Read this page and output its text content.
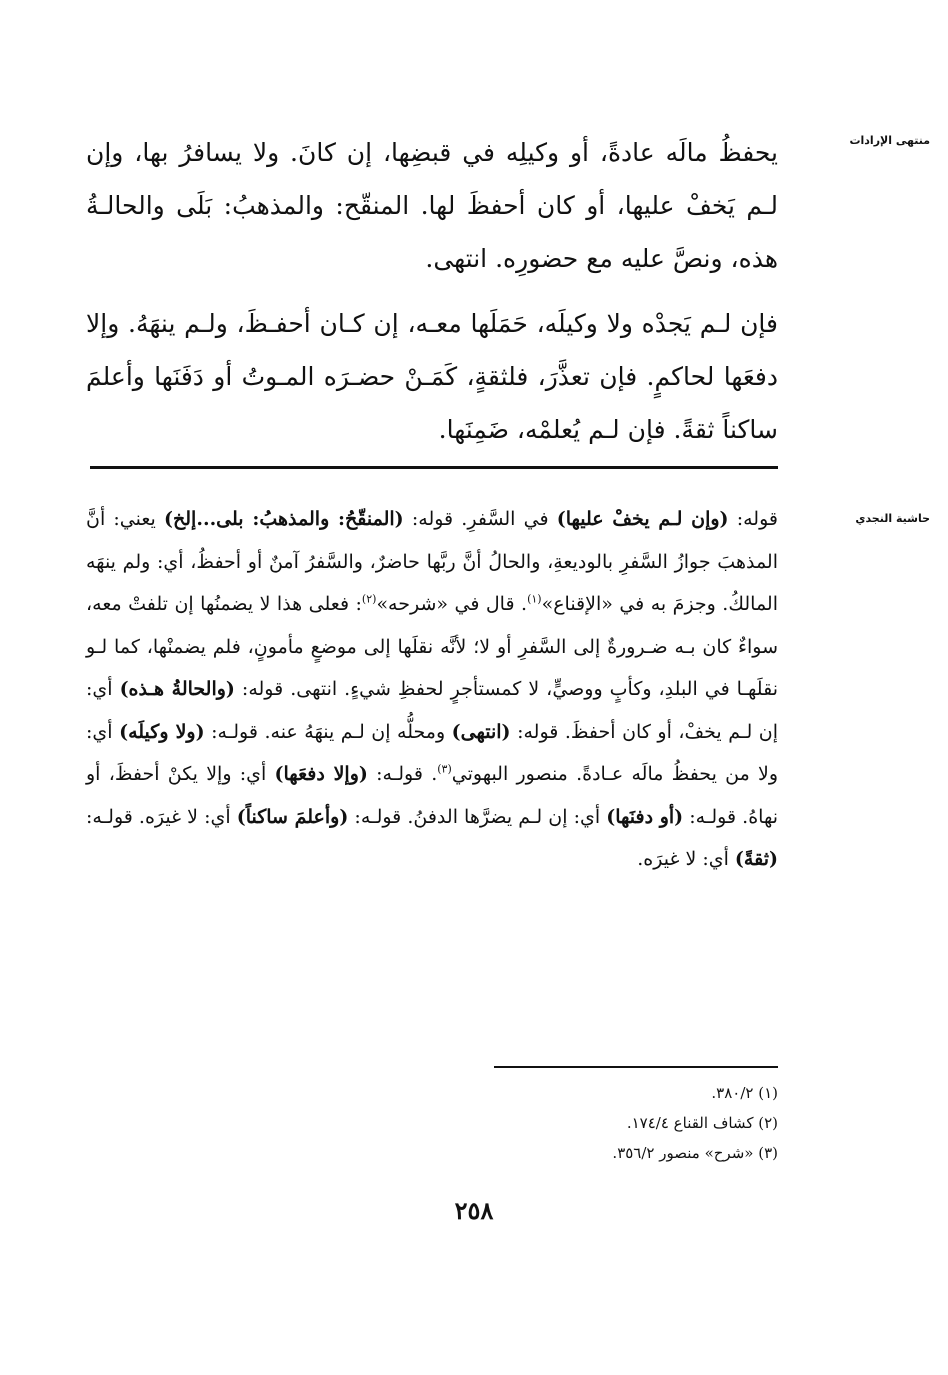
منتهى الإرادات

يحفظُ مالَه عادةً، أو وكيلِه في قبضِها، إن كانَ. ولا يسافرُ بها، وإن لـم يَخفْ عليها، أو كان أحفظَ لها. المنقّح: والمذهبُ: بَلَى والحالـةُ هذه، ونصَّ عليه مع حضورِه. انتهى.

فإن لـم يَجدْه ولا وكيلَه، حَمَلَها معـه، إن كـان أحفـظَ، ولـم ينهَهُ. وإلا دفعَها لحاكمٍ. فإن تعذَّرَ، فلثقةٍ، كَمَـنْ حضـرَه المـوتُ أو دَفَنَها وأعلمَ ساكناً ثقةً. فإن لـم يُعلمْه، ضَمِنَها.

حاشية النجدي

قوله: (وإن لـم يخفْ عليها) في السَّفرِ. قوله: (المنقّحُ: والمذهبُ: بلى...إلخ) يعني: أنَّ المذهبَ جوازُ السَّفرِ بالوديعةِ، والحالُ أنَّ ربَّها حاضرٌ، والسَّفرُ آمنٌ أو أحفظُ، أي: ولم ينهَه المالكُ. وجزمَ به في «الإقناع»$^{(١)}$. قال في «شرحه»$^{(٢)}$: فعلى هذا لا يضمنُها إن تلفتْ معه، سواءٌ كان بـه ضـرورةٌ إلى السَّفرِ أو لا؛ لأنَّه نقلَها إلى موضعٍ مأمونٍ، فلم يضمنْها، كما لـو نقلَهـا في البلدِ، وكأبٍ ووصيٍّ، لا كمستأجرٍ لحفظِ شيءٍ. انتهى. قوله: (والحالةُ هـذه) أي: إن لـم يخفْ، أو كان أحفظَ. قوله: (انتهى) ومحلُّه إن لـم ينهَهُ عنه. قولـه: (ولا وكيلَه) أي: ولا من يحفظُ مالَه عـادةً. منصور البهوتي$^{(٣)}$. قولـه: (وإلا دفعَها) أي: وإلا يكنْ أحفظَ، أو نهاهُ. قولـه: (أو دفنَها) أي: إن لـم يضرَّها الدفنُ. قولـه: (وأعلمَ ساكناً) أي: لا غيرَه. قولـه: (ثقةً) أي: لا غيرَه.

(١) ٣٨٠/٢.
(٢) كشاف القناع ١٧٤/٤.
(٣) «شرح» منصور ٣٥٦/٢.
٢٥٨
